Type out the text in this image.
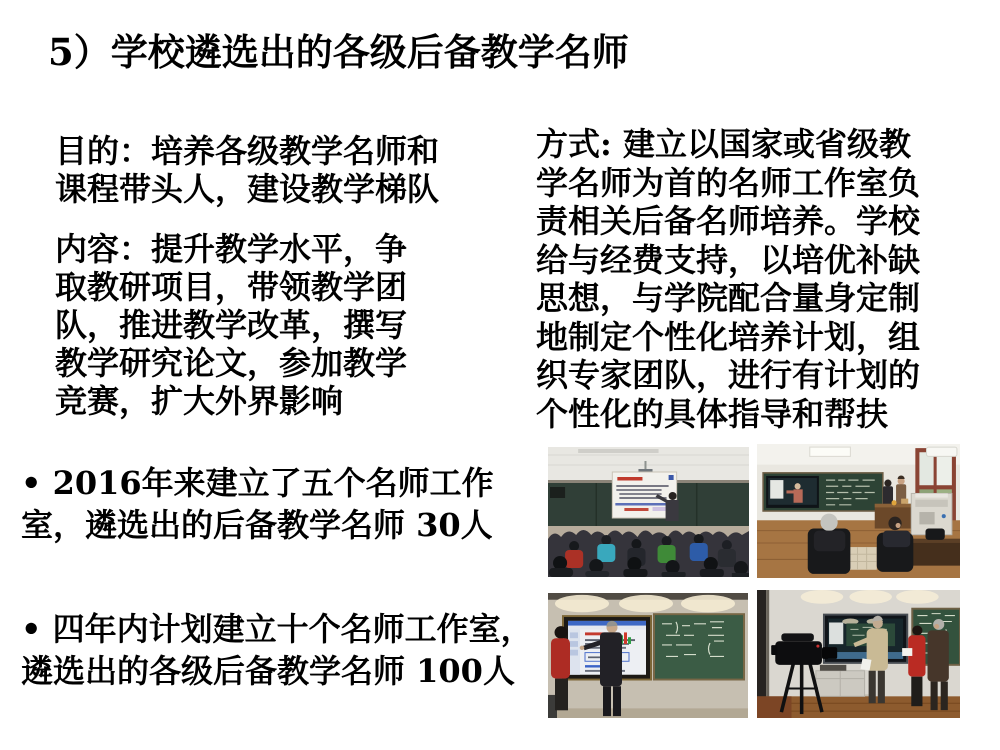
5）学校遴选出的各级后备教学名师
目的：培养各级教学名师和
课程带头人，建设教学梯队
内容：提升教学水平，争
取教研项目，带领教学团
队，推进教学改革，撰写
教学研究论文，参加教学
竞赛，扩大外界影响
方式: 建立以国家或省级教
学名师为首的名师工作室负
责相关后备名师培养。学校
给与经费支持，以培优补缺
思想，与学院配合量身定制
地制定个性化培养计划，组
织专家团队，进行有计划的
个性化的具体指导和帮扶
• 2016年来建立了五个名师工作
室，遴选出的后备教学名师 30人
• 四年内计划建立十个名师工作室，
遴选出的各级后备教学名师 100人
